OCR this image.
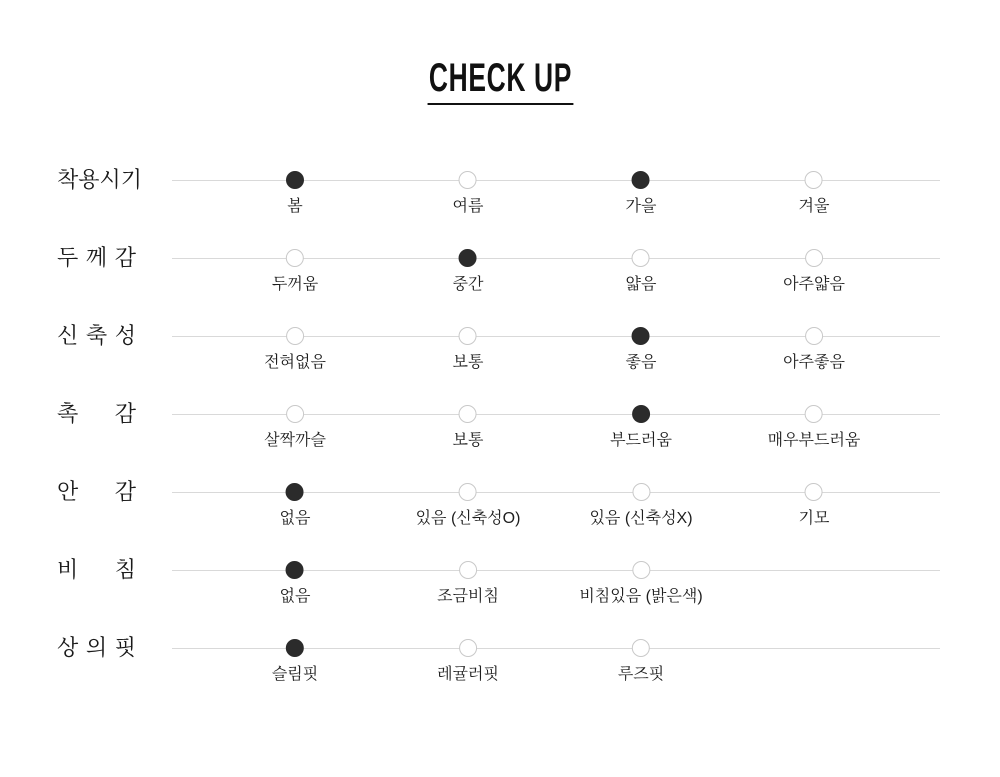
CHECK UP
착용시기
봄	여름	가을	겨울
두 께 감
두꺼움	중간	얇음	아주얇음
신 축 성
전혀없음	보통	좋음	아주좋음
촉 감
살짝까슬	보통	부드러움	매우부드러움
안 감
없음	있음 (신축성O)	있음 (신축성X)	기모
비 침
없음	조금비침	비침있음 (밝은색)
상 의 핏
슬림핏	레귤러핏	루즈핏
